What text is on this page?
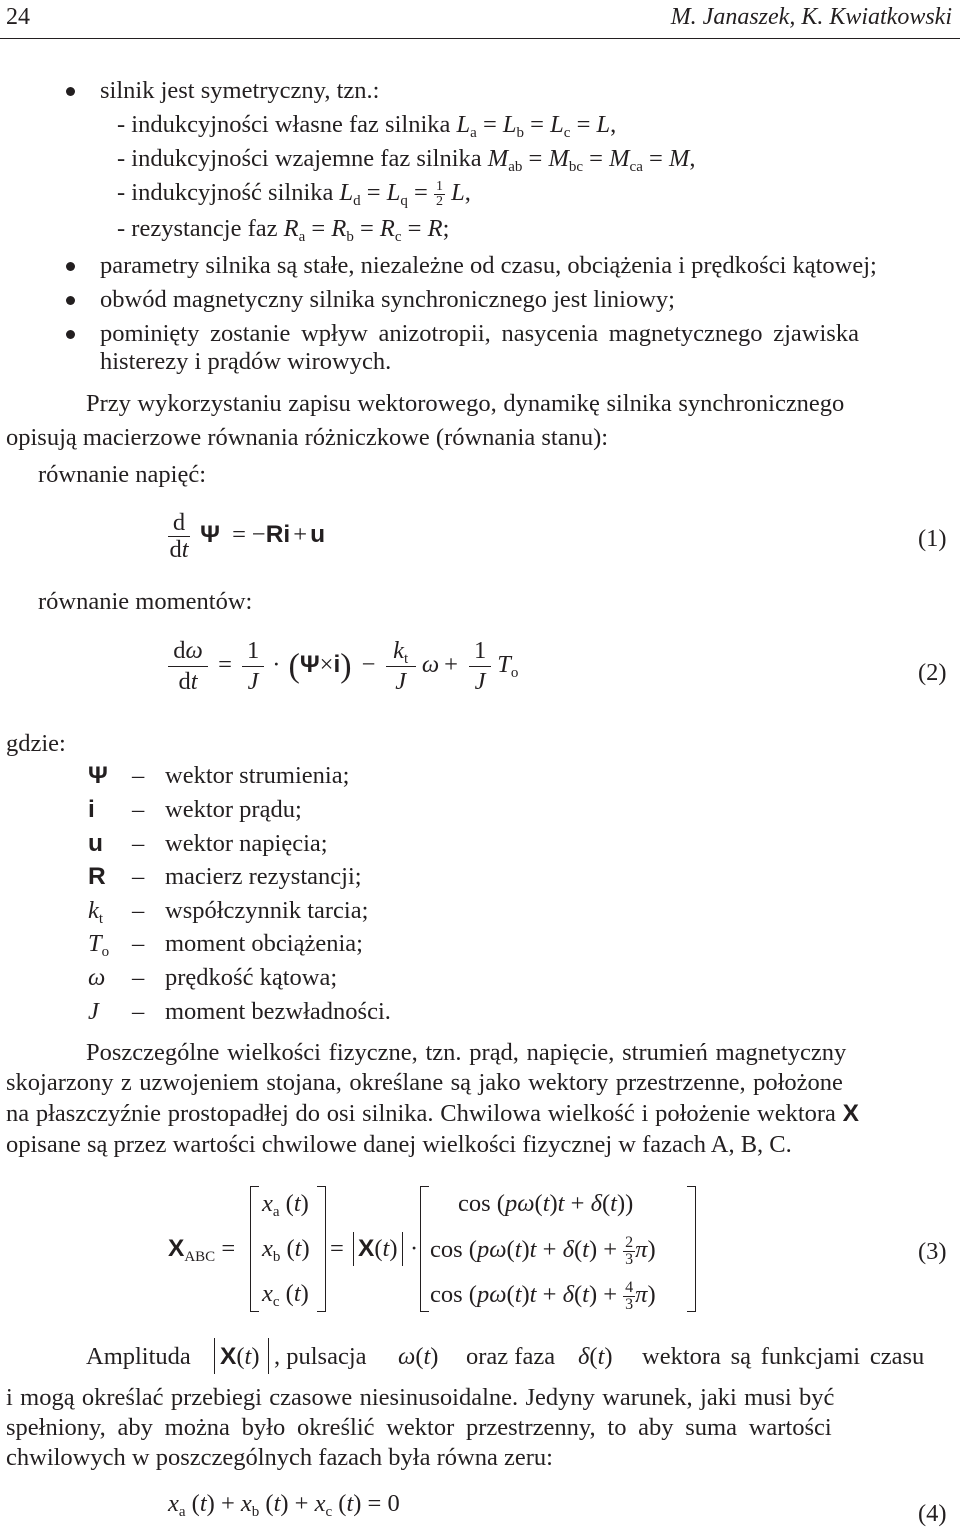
24	M. Janaszek, K. Kwiatkowski
silnik jest symetryczny, tzn.:
- indukcyjności własne faz silnika $L_a = L_b = L_c = L$,
- indukcyjności wzajemne faz silnika $M_{ab} = M_{bc} = M_{ca} = M$,
- indukcyjność silnika $L_d = L_q = \frac{1}{2} L$,
- rezystancje faz $R_a = R_b = R_c = R$;
parametry silnika są stałe, niezależne od czasu, obciążenia i prędkości kątowej;
obwód magnetyczny silnika synchronicznego jest liniowy;
pominięty zostanie wpływ anizotropii, nasycenia magnetycznego zjawiska
histerezy i prądów wirowych.
Przy wykorzystaniu zapisu wektorowego, dynamikę silnika synchronicznego
opisują macierzowe równania różniczkowe (równania stanu):
równanie napięć:
$\frac{d}{dt}$ Ψ = −Ri + u	(1)
równanie momentów:
$\frac{d\omega}{dt} = \frac{1}{J} \cdot (\Psi\times i) - \frac{k_t}{J}$ $\omega + \frac{1}{J} T_o$	(2)
gdzie:
Ψ – wektor strumienia;
i – wektor prądu;
u – wektor napięcia;
R – macierz rezystancji;
$k_t$ – współczynnik tarcia;
$T_o$ – moment obciążenia;
ω – prędkość kątowa;
J – moment bezwładności.
Poszczególne wielkości fizyczne, tzn. prąd, napięcie, strumień magnetyczny
skojarzony z uzwojeniem stojana, określane są jako wektory przestrzenne, położone
na płaszczyźnie prostopadłej do osi silnika. Chwilowa wielkość i położenie wektora X
opisane są przez wartości chwilowe danej wielkości fizycznej w fazach A, B, C.
$X_{ABC}$ =
$x_a$ (t)
$x_b$ (t)
$x_c$ (t)
= X(t) ·
cos (pω(t)t + δ(t))
$\cos (p\omega(t)t + \delta(t) + \frac{2}{3} \pi)$
$\cos (p\omega(t)t + \delta(t) + \frac{4}{3} \pi)$
(3)
Amplituda X(t) , pulsacja ω(t) oraz faza δ(t) wektora są funkcjami czasu
i mogą określać przebiegi czasowe niesinusoidalne. Jedyny warunek, jaki musi być
spełniony, aby można było określić wektor przestrzenny, to aby suma wartości
chwilowych w poszczególnych fazach była równa zeru:
$x_a$ $(t) + x_b$ $(t) + x_c$ (t) = 0	(4)
